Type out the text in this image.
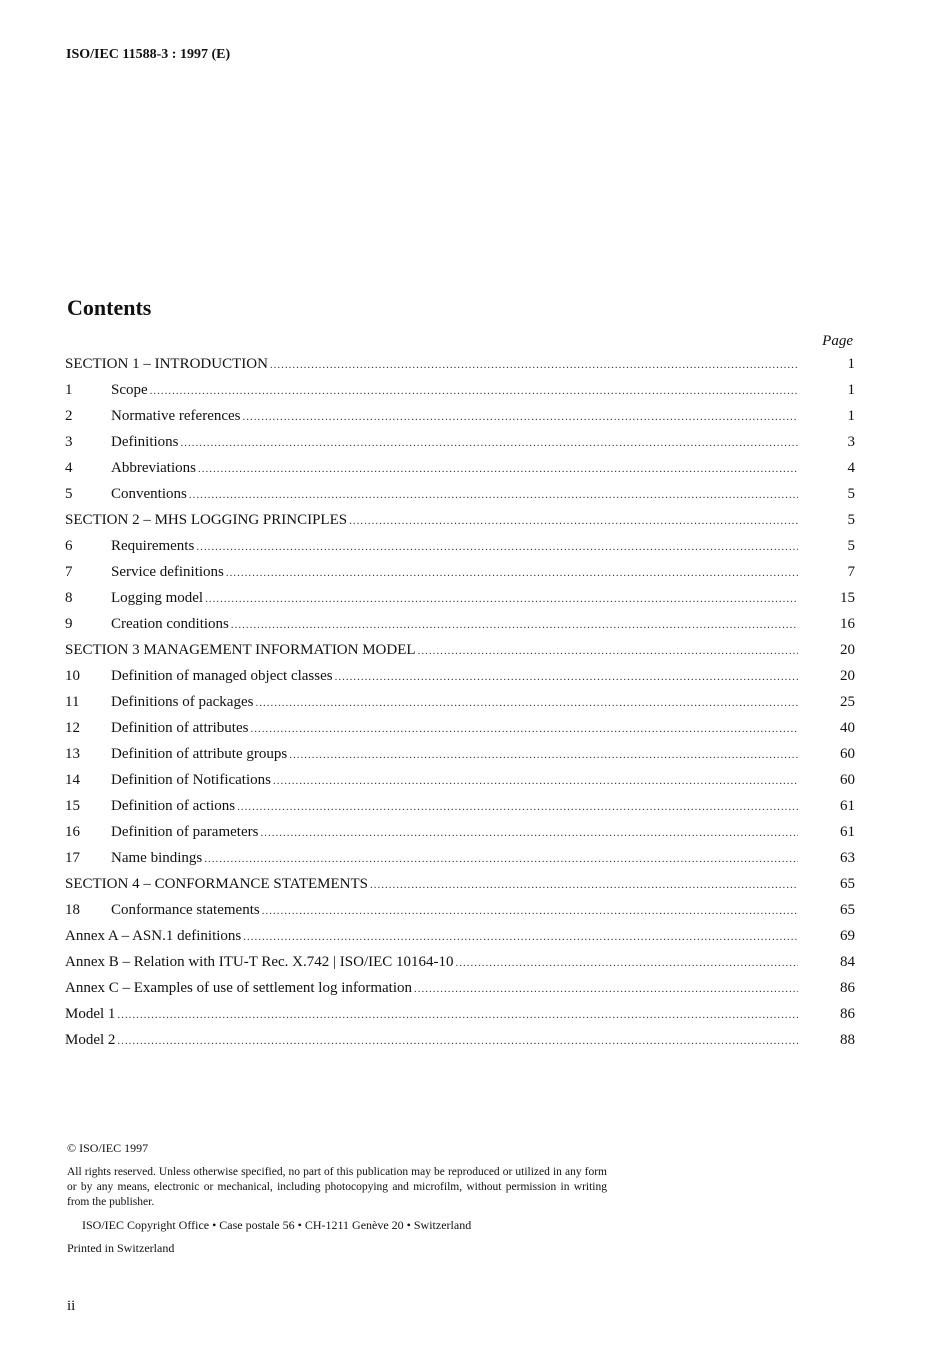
ISO/IEC 11588-3 : 1997 (E)
Contents
Page
SECTION 1 – INTRODUCTION .....	1
1	Scope .....	1
2	Normative references .....	1
3	Definitions .....	3
4	Abbreviations .....	4
5	Conventions .....	5
SECTION 2 – MHS LOGGING PRINCIPLES .....	5
6	Requirements .....	5
7	Service definitions .....	7
8	Logging model .....	15
9	Creation conditions .....	16
SECTION 3 MANAGEMENT INFORMATION MODEL .....	20
10	Definition of managed object classes .....	20
11	Definitions of packages .....	25
12	Definition of attributes .....	40
13	Definition of attribute groups .....	60
14	Definition of Notifications .....	60
15	Definition of actions .....	61
16	Definition of parameters .....	61
17	Name bindings .....	63
SECTION 4 – CONFORMANCE STATEMENTS .....	65
18	Conformance statements .....	65
Annex A – ASN.1 definitions .....	69
Annex B – Relation with ITU-T Rec. X.742 | ISO/IEC 10164-10 .....	84
Annex C – Examples of use of settlement log information .....	86
Model 1 .....	86
Model 2 .....	88
© ISO/IEC 1997
All rights reserved. Unless otherwise specified, no part of this publication may be reproduced or utilized in any form or by any means, electronic or mechanical, including photocopying and microfilm, without permission in writing from the publisher.
ISO/IEC Copyright Office • Case postale 56 • CH-1211 Genève 20 • Switzerland
Printed in Switzerland
ii
